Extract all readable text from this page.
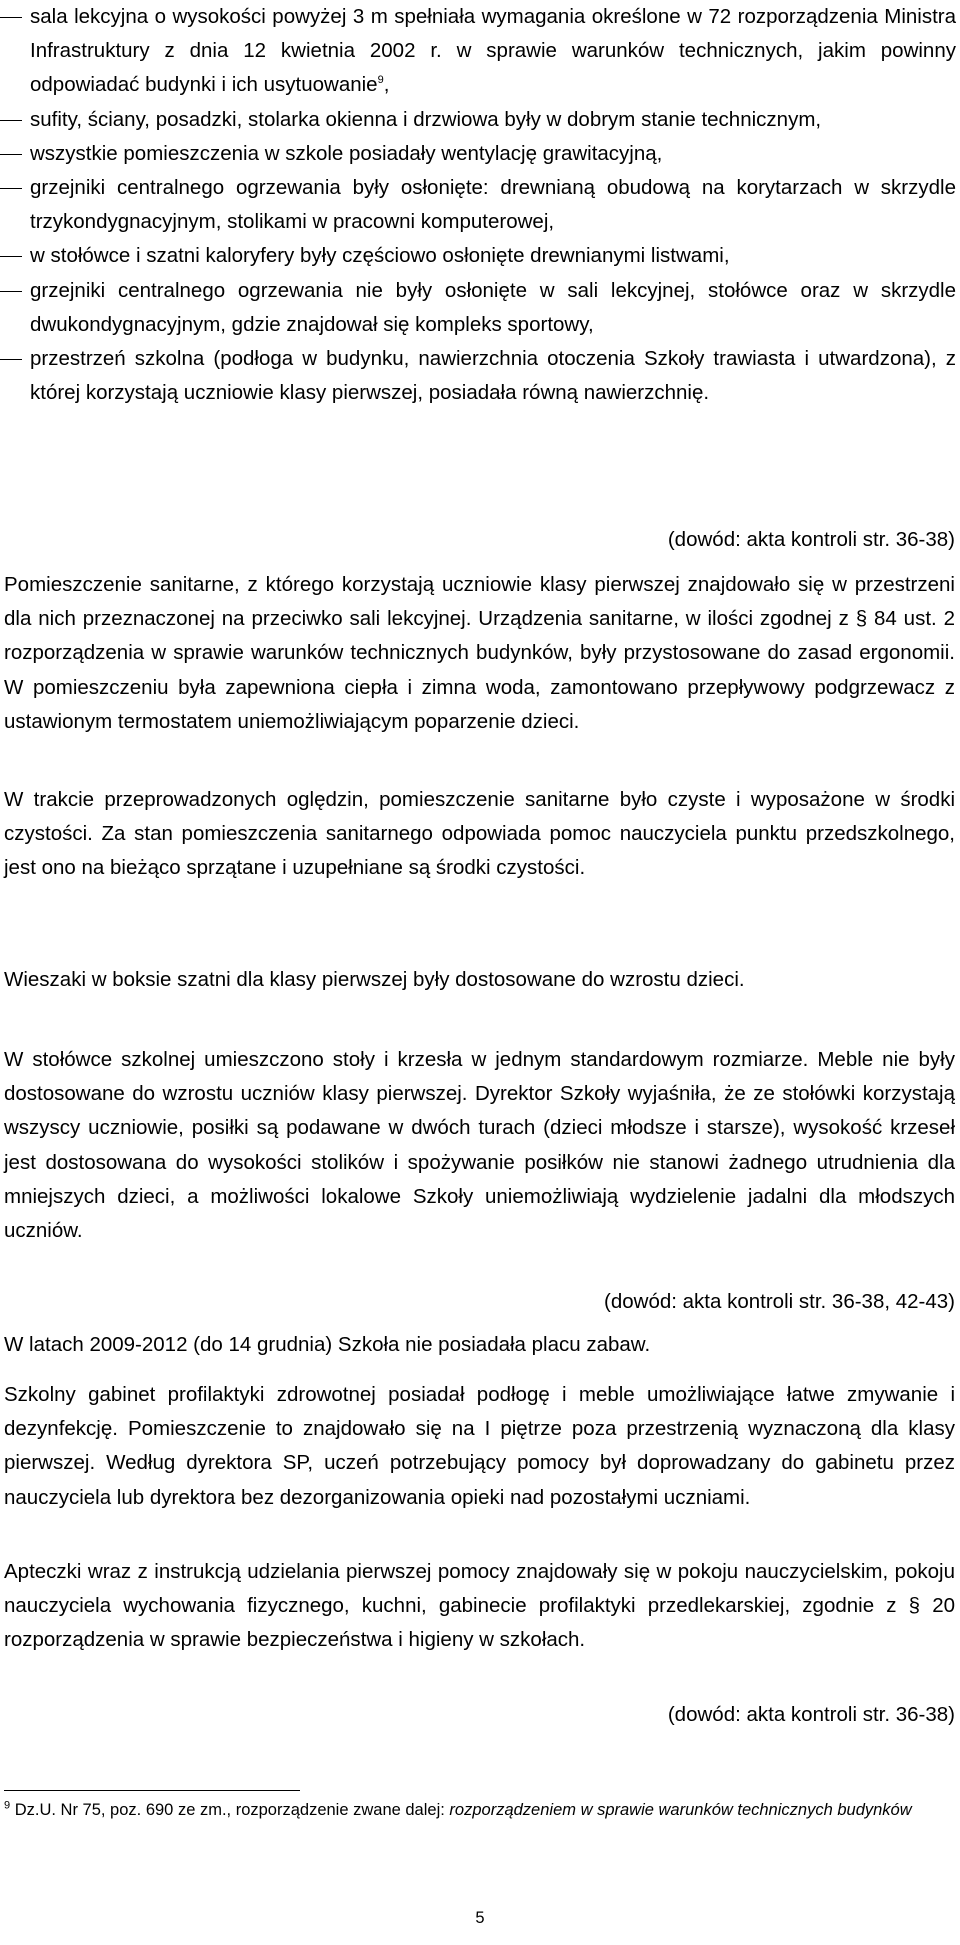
sala lekcyjna o wysokości powyżej 3 m spełniała wymagania określone w 72 rozporządzenia Ministra Infrastruktury z dnia 12 kwietnia 2002 r. w sprawie warunków technicznych, jakim powinny odpowiadać budynki i ich usytuowanie$^9$,
sufity, ściany, posadzki, stolarka okienna i drzwiowa były w dobrym stanie technicznym,
wszystkie pomieszczenia w szkole posiadały wentylację grawitacyjną,
grzejniki centralnego ogrzewania były osłonięte: drewnianą obudową na korytarzach w skrzydle trzykondygnacyjnym, stolikami w pracowni komputerowej,
w stołówce i szatni kaloryfery były częściowo osłonięte drewnianymi listwami,
grzejniki centralnego ogrzewania nie były osłonięte w sali lekcyjnej, stołówce oraz w skrzydle dwukondygnacyjnym, gdzie znajdował się kompleks sportowy,
przestrzeń szkolna (podłoga w budynku, nawierzchnia otoczenia Szkoły trawiasta i utwardzona), z której korzystają uczniowie klasy pierwszej, posiadała równą nawierzchnię.
(dowód: akta kontroli str. 36-38)
Pomieszczenie sanitarne, z którego korzystają uczniowie klasy pierwszej znajdowało się w przestrzeni dla nich przeznaczonej na przeciwko sali lekcyjnej. Urządzenia sanitarne, w ilości zgodnej z § 84 ust. 2 rozporządzenia w sprawie warunków technicznych budynków, były przystosowane do zasad ergonomii. W pomieszczeniu była zapewniona ciepła i zimna woda, zamontowano przepływowy podgrzewacz z ustawionym termostatem uniemożliwiającym poparzenie dzieci.
W trakcie przeprowadzonych oględzin, pomieszczenie sanitarne było czyste i wyposażone w środki czystości. Za stan pomieszczenia sanitarnego odpowiada pomoc nauczyciela punktu przedszkolnego, jest ono na bieżąco sprzątane i uzupełniane są środki czystości.
Wieszaki w boksie szatni dla klasy pierwszej były dostosowane do wzrostu dzieci.
W stołówce szkolnej umieszczono stoły i krzesła w jednym standardowym rozmiarze. Meble nie były dostosowane do wzrostu uczniów klasy pierwszej. Dyrektor Szkoły wyjaśniła, że ze stołówki korzystają wszyscy uczniowie, posiłki są podawane w dwóch turach (dzieci młodsze i starsze), wysokość krzeseł jest dostosowana do wysokości stolików i spożywanie posiłków nie stanowi żadnego utrudnienia dla mniejszych dzieci, a możliwości lokalowe Szkoły uniemożliwiają wydzielenie jadalni dla młodszych uczniów.
(dowód: akta kontroli str. 36-38, 42-43)
W latach 2009-2012 (do 14 grudnia) Szkoła nie posiadała placu zabaw.
Szkolny gabinet profilaktyki zdrowotnej posiadał podłogę i meble umożliwiające łatwe zmywanie i dezynfekcję. Pomieszczenie to znajdowało się na I piętrze poza przestrzenią wyznaczoną dla klasy pierwszej. Według dyrektora SP, uczeń potrzebujący pomocy był doprowadzany do gabinetu przez nauczyciela lub dyrektora bez dezorganizowania opieki nad pozostałymi uczniami.
Apteczki wraz z instrukcją udzielania pierwszej pomocy znajdowały się w pokoju nauczycielskim, pokoju nauczyciela wychowania fizycznego, kuchni, gabinecie profilaktyki przedlekarskiej, zgodnie z § 20 rozporządzenia w sprawie bezpieczeństwa i higieny w szkołach.
(dowód: akta kontroli str. 36-38)
$^9$ Dz.U. Nr 75, poz. 690 ze zm., rozporządzenie zwane dalej: rozporządzeniem w sprawie warunków technicznych budynków
5
